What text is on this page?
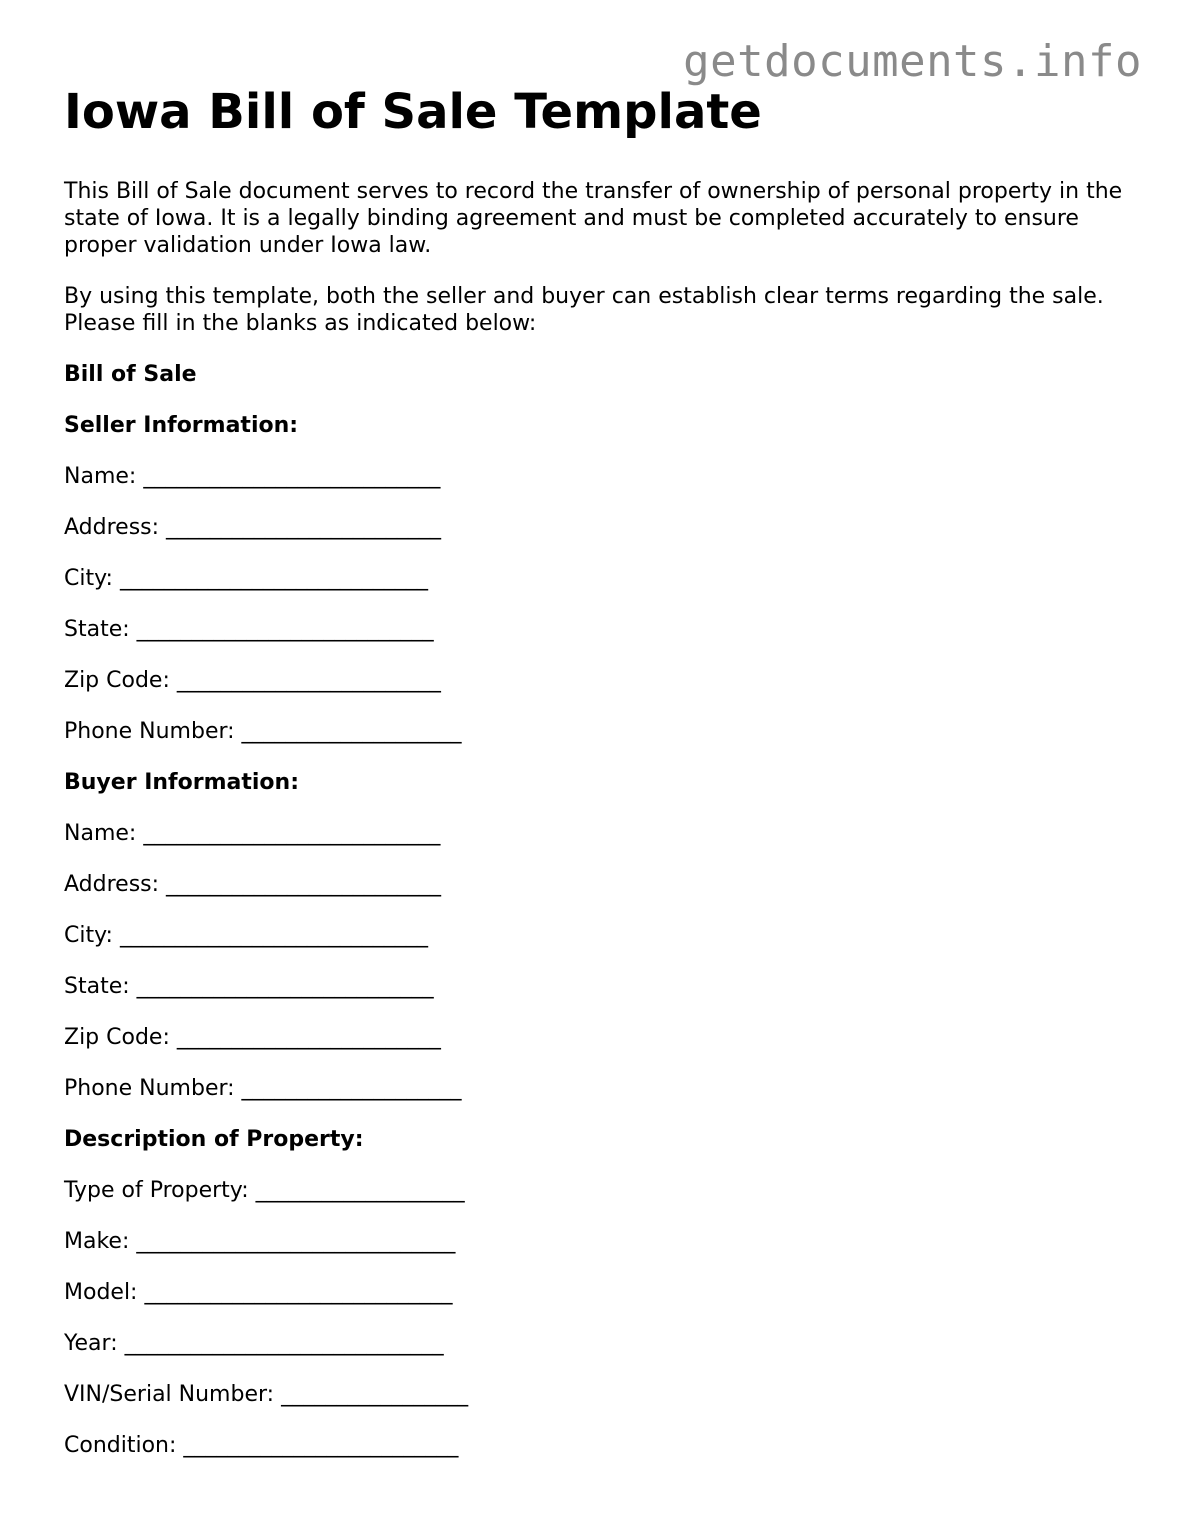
getdocuments.info
Iowa Bill of Sale Template

This Bill of Sale document serves to record the transfer of ownership of personal property in the state of Iowa. It is a legally binding agreement and must be completed accurately to ensure proper validation under Iowa law.

By using this template, both the seller and buyer can establish clear terms regarding the sale. Please fill in the blanks as indicated below:

Bill of Sale
Seller Information:
Name: ___________________________
Address: _________________________
City: ____________________________
State: ___________________________
Zip Code: ________________________
Phone Number: ____________________
Buyer Information:
Name: ___________________________
Address: _________________________
City: ____________________________
State: ___________________________
Zip Code: ________________________
Phone Number: ____________________
Description of Property:
Type of Property: ___________________
Make: _____________________________
Model: ____________________________
Year: _____________________________
VIN/Serial Number: _________________
Condition: _________________________
